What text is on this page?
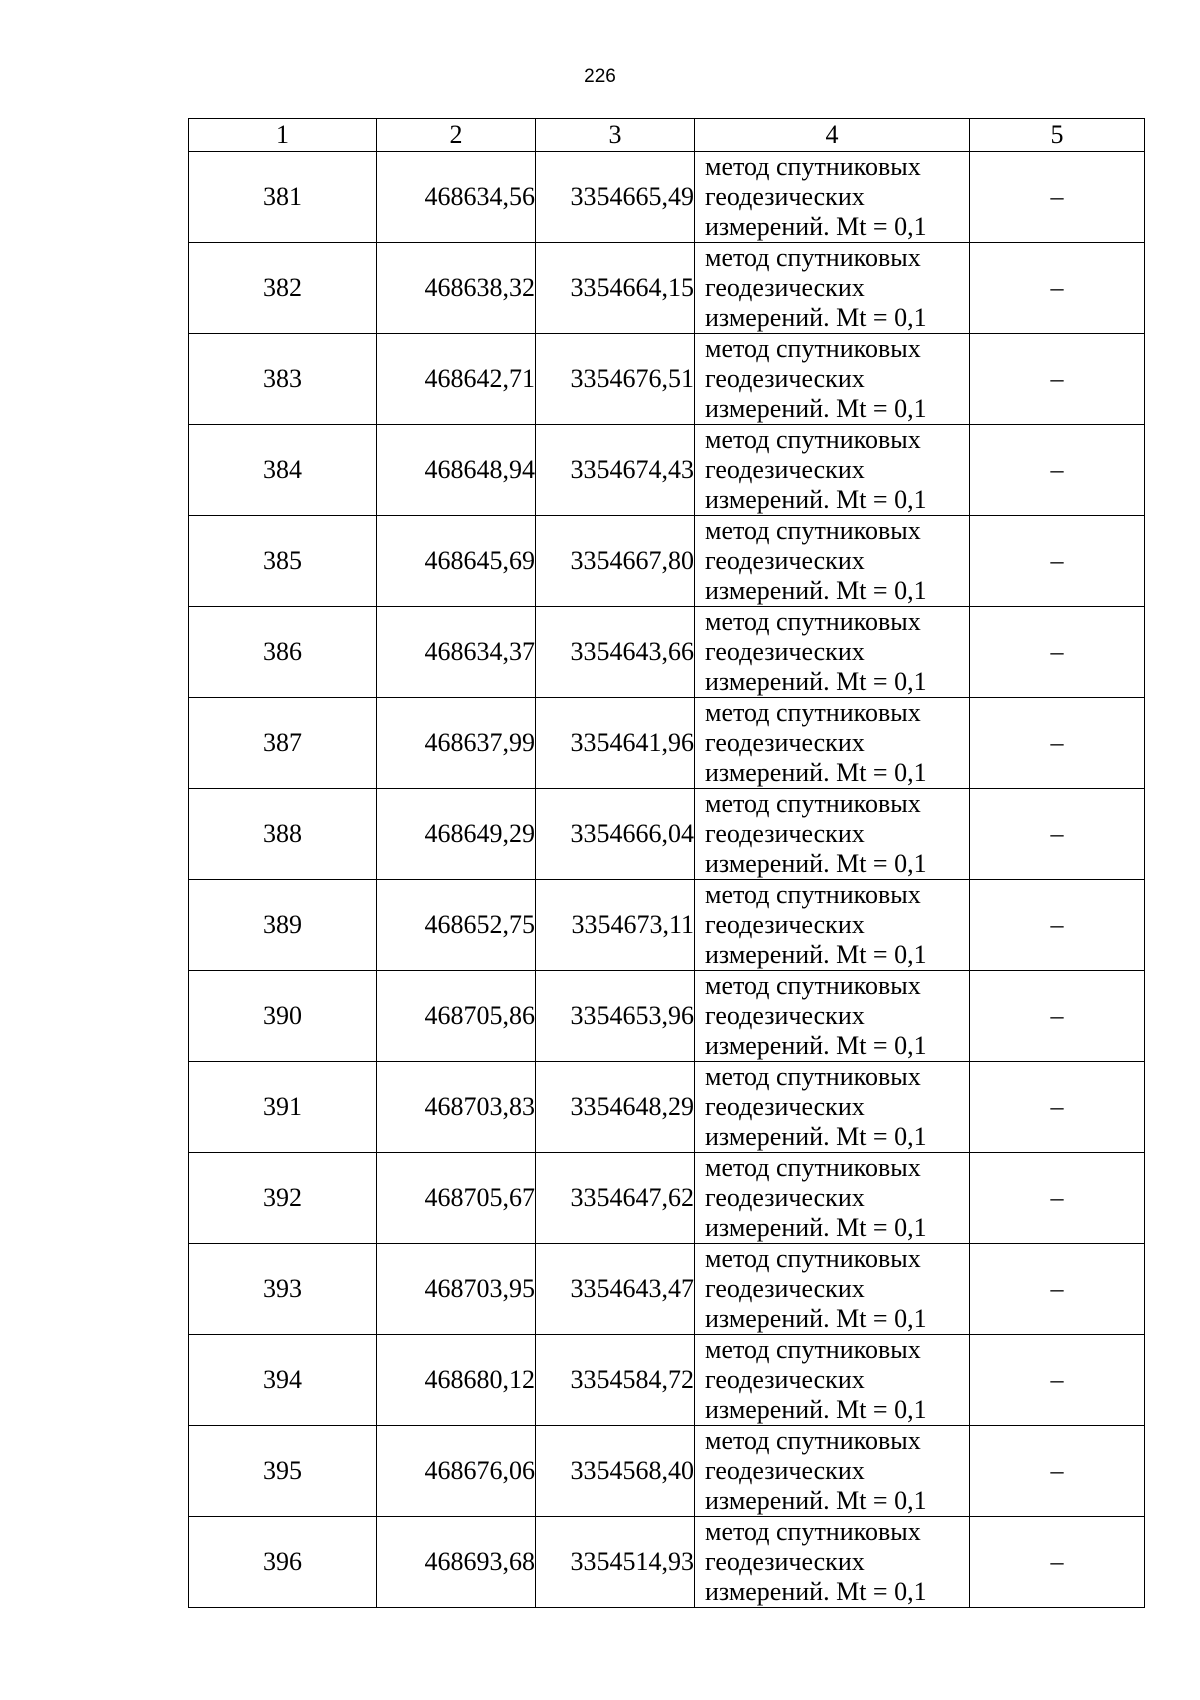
226
1	2	3	4	5
381	468634,56	3354665,49	метод спутниковых
геодезических
измерений. Mt = 0,1	–
382	468638,32	3354664,15	метод спутниковых
геодезических
измерений. Mt = 0,1	–
383	468642,71	3354676,51	метод спутниковых
геодезических
измерений. Mt = 0,1	–
384	468648,94	3354674,43	метод спутниковых
геодезических
измерений. Mt = 0,1	–
385	468645,69	3354667,80	метод спутниковых
геодезических
измерений. Mt = 0,1	–
386	468634,37	3354643,66	метод спутниковых
геодезических
измерений. Mt = 0,1	–
387	468637,99	3354641,96	метод спутниковых
геодезических
измерений. Mt = 0,1	–
388	468649,29	3354666,04	метод спутниковых
геодезических
измерений. Mt = 0,1	–
389	468652,75	3354673,11	метод спутниковых
геодезических
измерений. Mt = 0,1	–
390	468705,86	3354653,96	метод спутниковых
геодезических
измерений. Mt = 0,1	–
391	468703,83	3354648,29	метод спутниковых
геодезических
измерений. Mt = 0,1	–
392	468705,67	3354647,62	метод спутниковых
геодезических
измерений. Mt = 0,1	–
393	468703,95	3354643,47	метод спутниковых
геодезических
измерений. Mt = 0,1	–
394	468680,12	3354584,72	метод спутниковых
геодезических
измерений. Mt = 0,1	–
395	468676,06	3354568,40	метод спутниковых
геодезических
измерений. Mt = 0,1	–
396	468693,68	3354514,93	метод спутниковых
геодезических
измерений. Mt = 0,1	–
